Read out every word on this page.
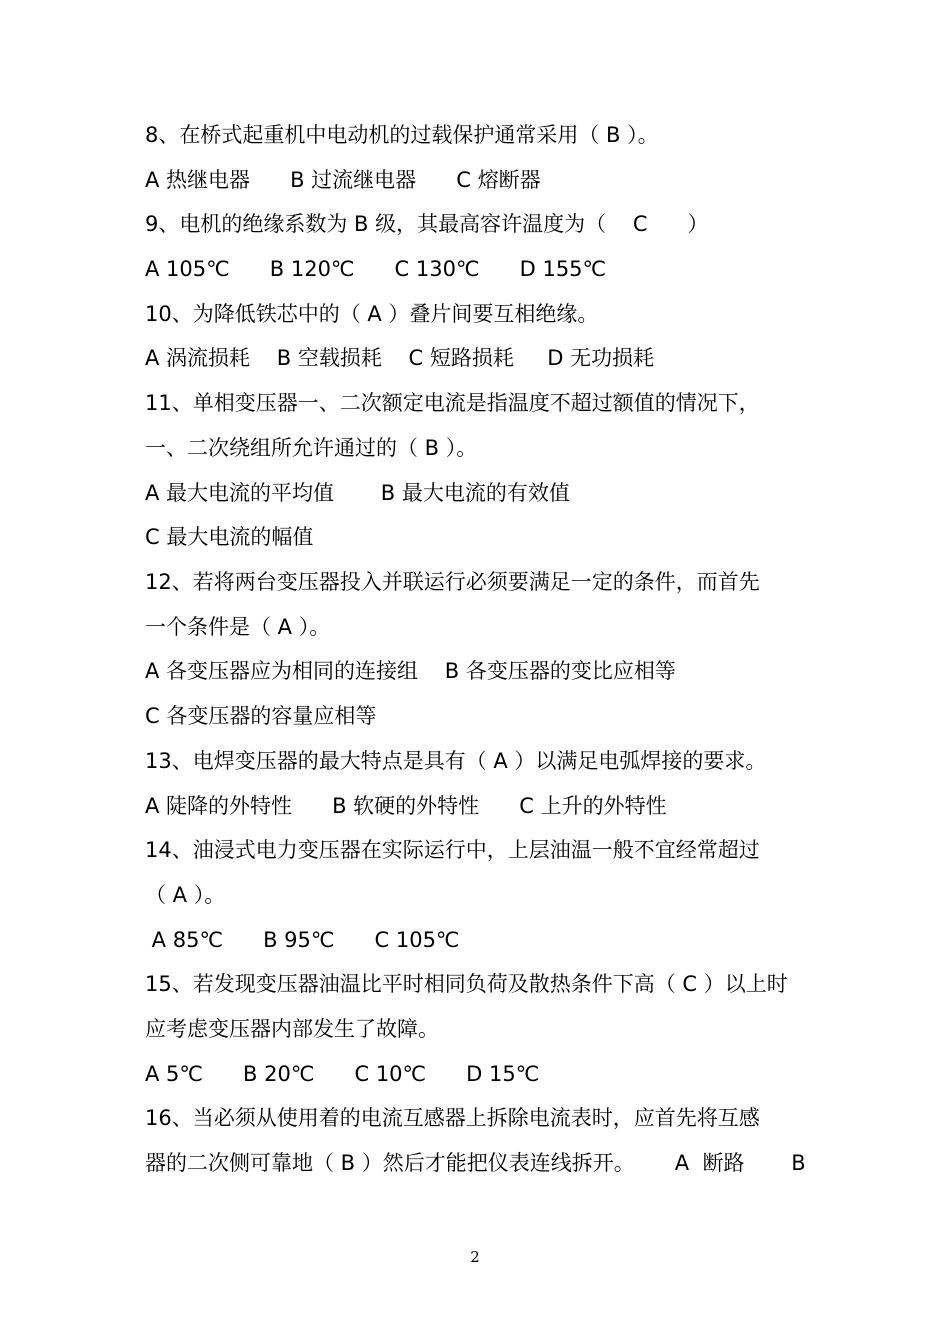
8、在桥式起重机中电动机的过载保护通常采用（ B ）。
A 热继电器      B 过流继电器      C 熔断器
9、电机的绝缘系数为 B 级，其最高容许温度为（    C      ）
A 105℃      B 120℃      C 130℃      D 155℃
10、为降低铁芯中的（ A ）叠片间要互相绝缘。
A 涡流损耗    B 空载损耗    C 短路损耗     D 无功损耗
11、单相变压器一、二次额定电流是指温度不超过额值的情况下，
一、二次绕组所允许通过的（ B ）。
A 最大电流的平均值       B 最大电流的有效值
C 最大电流的幅值
12、若将两台变压器投入并联运行必须要满足一定的条件，而首先
一个条件是（ A ）。
A 各变压器应为相同的连接组    B 各变压器的变比应相等
C 各变压器的容量应相等
13、电焊变压器的最大特点是具有（ A ）以满足电弧焊接的要求。
A 陡降的外特性      B 软硬的外特性      C 上升的外特性
14、油浸式电力变压器在实际运行中，上层油温一般不宜经常超过
（ A ）。
A 85℃      B 95℃      C 105℃
15、若发现变压器油温比平时相同负荷及散热条件下高（ C ）以上时
应考虑变压器内部发生了故障。
A 5℃      B 20℃      C 10℃      D 15℃
16、当必须从使用着的电流互感器上拆除电流表时，应首先将互感
器的二次侧可靠地（ B ）然后才能把仪表连线拆开。      A  断路       B
2
